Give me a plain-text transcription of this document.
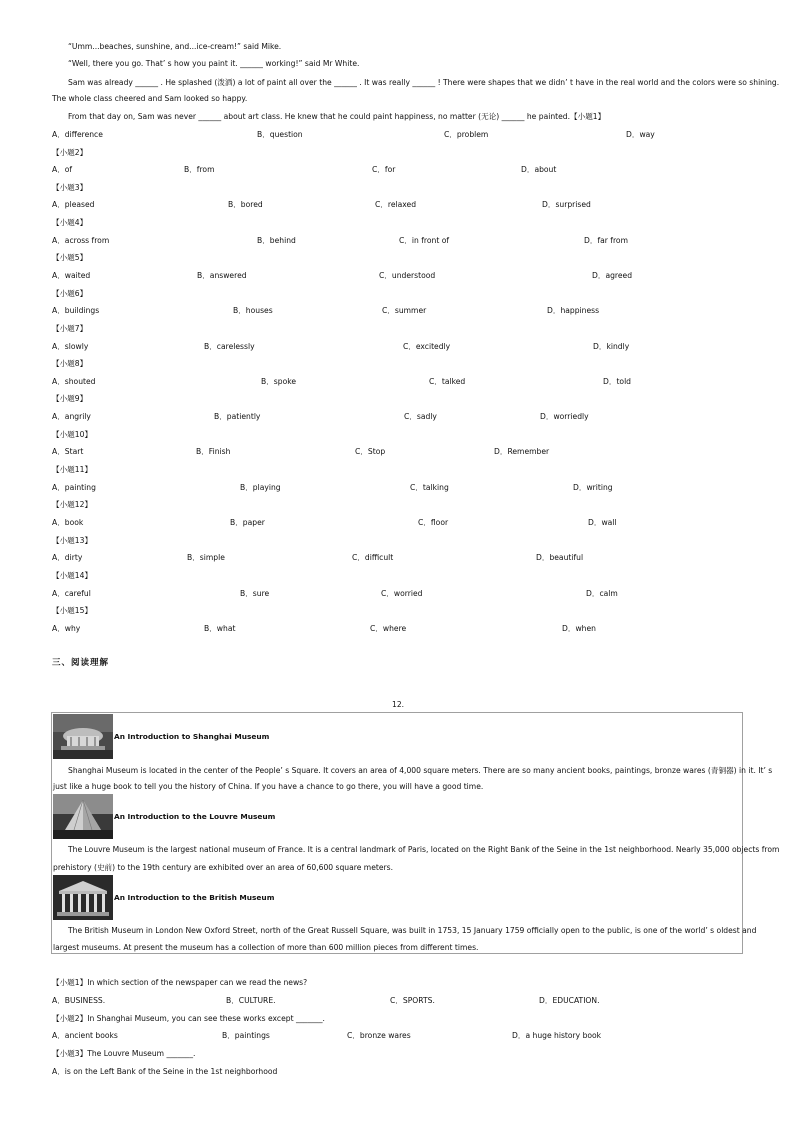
“Umm...beaches, sunshine, and...ice-cream!” said Mike.
“Well, there you go. That’ s how you paint it. ______ working!” said Mr White.
Sam was already ______ . He splashed (泼洒) a lot of paint all over the ______ . It was really ______ ! There were shapes that we didn’ t have in the real world and the colors were so shining.
The whole class cheered and Sam looked so happy.
From that day on, Sam was never ______ about art class. He knew that he could paint happiness, no matter (无论) ______ he painted.【小题1】
A．difference	B．question	C．problem	D．way
【小题2】
A．of	B．from	C．for	D．about
【小题3】
A．pleased	B．bored	C．relaxed	D．surprised
【小题4】
A．across from	B．behind	C．in front of	D．far from
【小题5】
A．waited	B．answered	C．understood	D．agreed
【小题6】
A．buildings	B．houses	C．summer	D．happiness
【小题7】
A．slowly	B．carelessly	C．excitedly	D．kindly
【小题8】
A．shouted	B．spoke	C．talked	D．told
【小题9】
A．angrily	B．patiently	C．sadly	D．worriedly
【小题10】
A．Start	B．Finish	C．Stop	D．Remember
【小题11】
A．painting	B．playing	C．talking	D．writing
【小题12】
A．book	B．paper	C．floor	D．wall
【小题13】
A．dirty	B．simple	C．difficult	D．beautiful
【小题14】
A．careful	B．sure	C．worried	D．calm
【小题15】
A．why	B．what	C．where	D．when
三、阅读理解
12.
An Introduction to Shanghai Museum
Shanghai Museum is located in the center of the People’ s Square. It covers an area of 4,000 square meters. There are so many ancient books, paintings, bronze wares (青铜器) in it. It’ s
just like a huge book to tell you the history of China. If you have a chance to go there, you will have a good time.
An Introduction to the Louvre Museum
The Louvre Museum is the largest national museum of France. It is a central landmark of Paris, located on the Right Bank of the Seine in the 1st neighborhood. Nearly 35,000 objects from
prehistory (史前) to the 19th century are exhibited over an area of 60,600 square meters.
An Introduction to the British Museum
The British Museum in London New Oxford Street, north of the Great Russell Square, was built in 1753, 15 January 1759 officially open to the public, is one of the world’ s oldest and
largest museums. At present the museum has a collection of more than 600 million pieces from different times.
【小题1】In which section of the newspaper can we read the news?
A．BUSINESS.	B．CULTURE.	C．SPORTS.	D．EDUCATION.
【小题2】In Shanghai Museum, you can see these works except _______.
A．ancient books	B．paintings	C．bronze wares	D．a huge history book
【小题3】The Louvre Museum _______.
A．is on the Left Bank of the Seine in the 1st neighborhood
